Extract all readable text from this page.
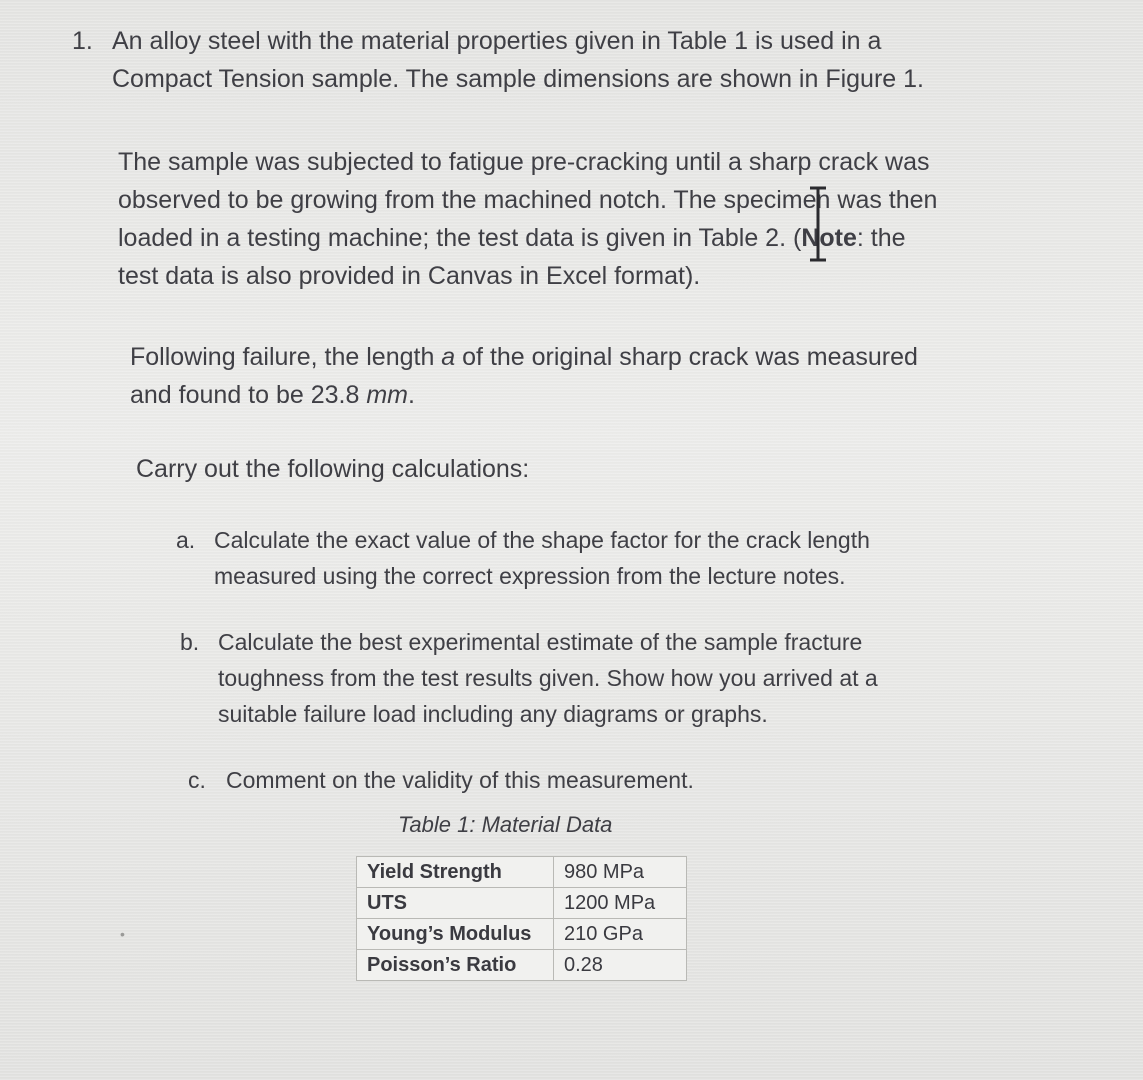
1. An alloy steel with the material properties given in Table 1 is used in a
Compact Tension sample. The sample dimensions are shown in Figure 1.
The sample was subjected to fatigue pre-cracking until a sharp crack was
observed to be growing from the machined notch. The specimen was then
loaded in a testing machine; the test data is given in Table 2. (Note: the
test data is also provided in Canvas in Excel format).
Following failure, the length a of the original sharp crack was measured
and found to be 23.8 mm.
Carry out the following calculations:
a. Calculate the exact value of the shape factor for the crack length
measured using the correct expression from the lecture notes.
b. Calculate the best experimental estimate of the sample fracture
toughness from the test results given. Show how you arrived at a
suitable failure load including any diagrams or graphs.
c. Comment on the validity of this measurement.
Table 1: Material Data
•
Yield Strength	980 MPa
UTS	1200 MPa
Young’s Modulus	210 GPa
Poisson’s Ratio	0.28
